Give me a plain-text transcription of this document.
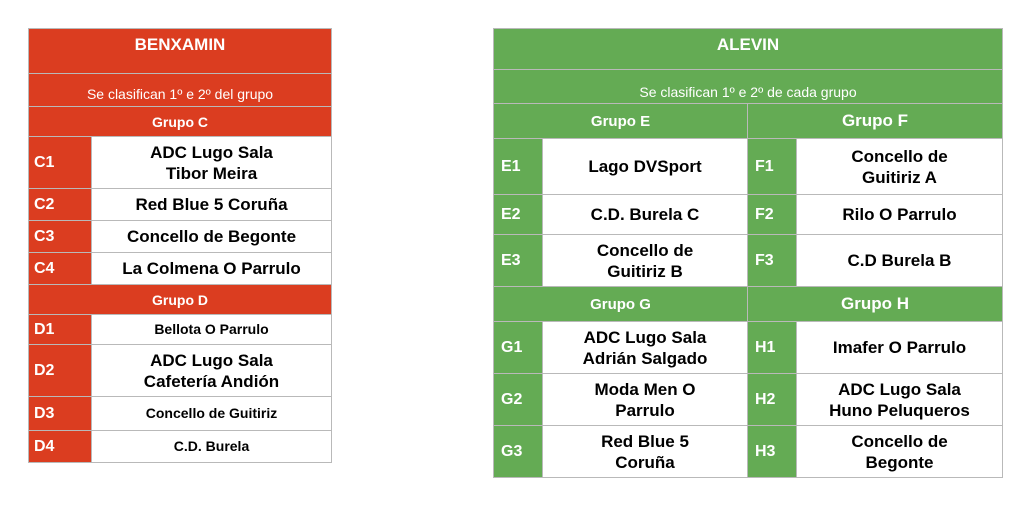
BENXAMIN	
Se clasifican 1º e 2º del grupo	
Grupo C	
C1	ADC Lugo Sala
Tibor Meira
C2	Red Blue 5 Coruña
C3	Concello de Begonte
C4	La Colmena O Parrulo
Grupo D	
D1	Bellota O Parrulo
D2	ADC Lugo Sala
Cafetería Andión
D3	Concello de Guitiriz
D4	C.D. Burela
ALEVIN			
Se clasifican 1º e 2º de cada grupo			
Grupo E		Grupo F	
E1	Lago DVSport	F1	Concello de
Guitiriz A
E2	C.D. Burela C	F2	Rilo O Parrulo
E3	Concello de
Guitiriz B	F3	C.D Burela B
Grupo G		Grupo H	
G1	ADC Lugo Sala
Adrián Salgado	H1	Imafer O Parrulo
G2	Moda Men O
Parrulo	H2	ADC Lugo Sala
Huno Peluqueros
G3	Red Blue 5
Coruña	H3	Concello de
Begonte
